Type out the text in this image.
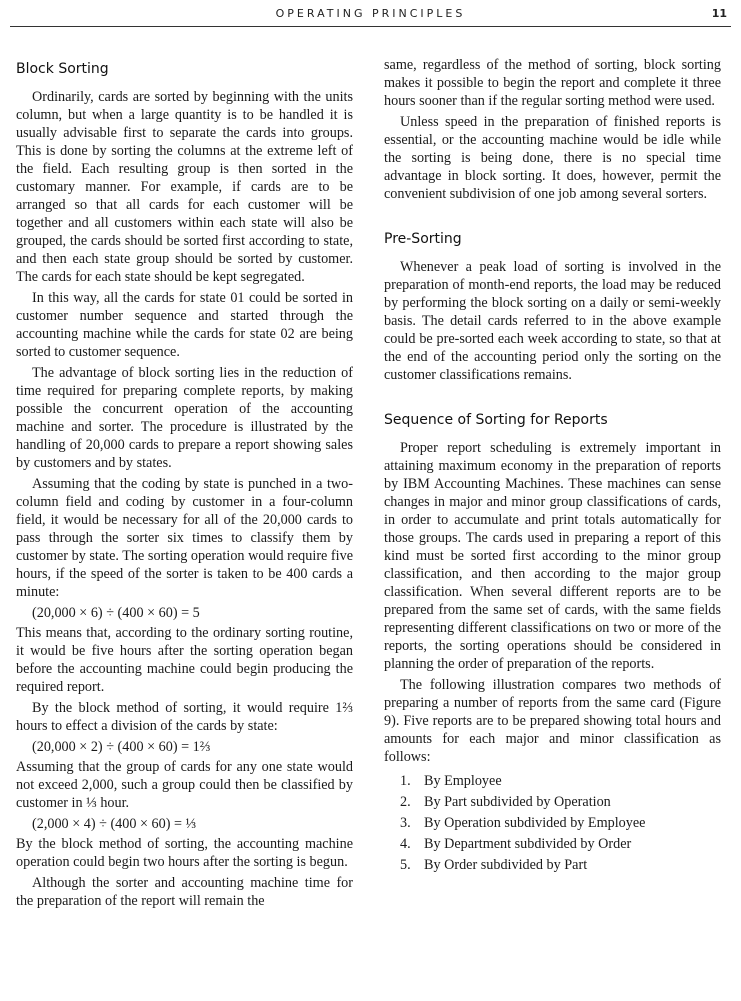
OPERATING PRINCIPLES	11
Block Sorting

Ordinarily, cards are sorted by beginning with the units column, but when a large quantity is to be handled it is usually advisable first to separate the cards into groups. This is done by sorting the columns at the extreme left of the field. Each resulting group is then sorted in the customary manner. For example, if cards are to be arranged so that all cards for each customer will be together and all customers within each state will also be grouped, the cards should be sorted first according to state, and then each state group should be sorted by customer. The cards for each state should be kept segregated.

In this way, all the cards for state 01 could be sorted in customer number sequence and started through the accounting machine while the cards for state 02 are being sorted to customer sequence.

The advantage of block sorting lies in the reduction of time required for preparing complete reports, by making possible the concurrent operation of the accounting machine and sorter. The procedure is illustrated by the handling of 20,000 cards to prepare a report showing sales by customers and by states.

Assuming that the coding by state is punched in a two-column field and coding by customer in a four-column field, it would be necessary for all of the 20,000 cards to pass through the sorter six times to classify them by customer by state. The sorting operation would require five hours, if the speed of the sorter is taken to be 400 cards a minute:

(20,000 × 6) ÷ (400 × 60) = 5

This means that, according to the ordinary sorting routine, it would be five hours after the sorting operation began before the accounting machine could begin producing the required report.

By the block method of sorting, it would require 1⅔ hours to effect a division of the cards by state:

(20,000 × 2) ÷ (400 × 60) = 1⅔

Assuming that the group of cards for any one state would not exceed 2,000, such a group could then be classified by customer in ⅓ hour.

(2,000 × 4) ÷ (400 × 60) = ⅓

By the block method of sorting, the accounting machine operation could begin two hours after the sorting is begun.

Although the sorter and accounting machine time for the preparation of the report will remain the

same, regardless of the method of sorting, block sorting makes it possible to begin the report and complete it three hours sooner than if the regular sorting method were used.

Unless speed in the preparation of finished reports is essential, or the accounting machine would be idle while the sorting is being done, there is no special time advantage in block sorting. It does, however, permit the convenient subdivision of one job among several sorters.

Pre-Sorting

Whenever a peak load of sorting is involved in the preparation of month-end reports, the load may be reduced by performing the block sorting on a daily or semi-weekly basis. The detail cards referred to in the above example could be pre-sorted each week according to state, so that at the end of the accounting period only the sorting on the customer classifications remains.

Sequence of Sorting for Reports

Proper report scheduling is extremely important in attaining maximum economy in the preparation of reports by IBM Accounting Machines. These machines can sense changes in major and minor group classifications of cards, in order to accumulate and print totals automatically for those groups. The cards used in preparing a report of this kind must be sorted first according to the minor group classification, and then according to the major group classification. When several different reports are to be prepared from the same set of cards, with the same fields representing different classifications on two or more of the reports, the sorting operations should be considered in planning the order of preparation of the reports.

The following illustration compares two methods of preparing a number of reports from the same card (Figure 9). Five reports are to be prepared showing total hours and amounts for each major and minor classification as follows:

1. By Employee
2. By Part subdivided by Operation
3. By Operation subdivided by Employee
4. By Department subdivided by Order
5. By Order subdivided by Part
